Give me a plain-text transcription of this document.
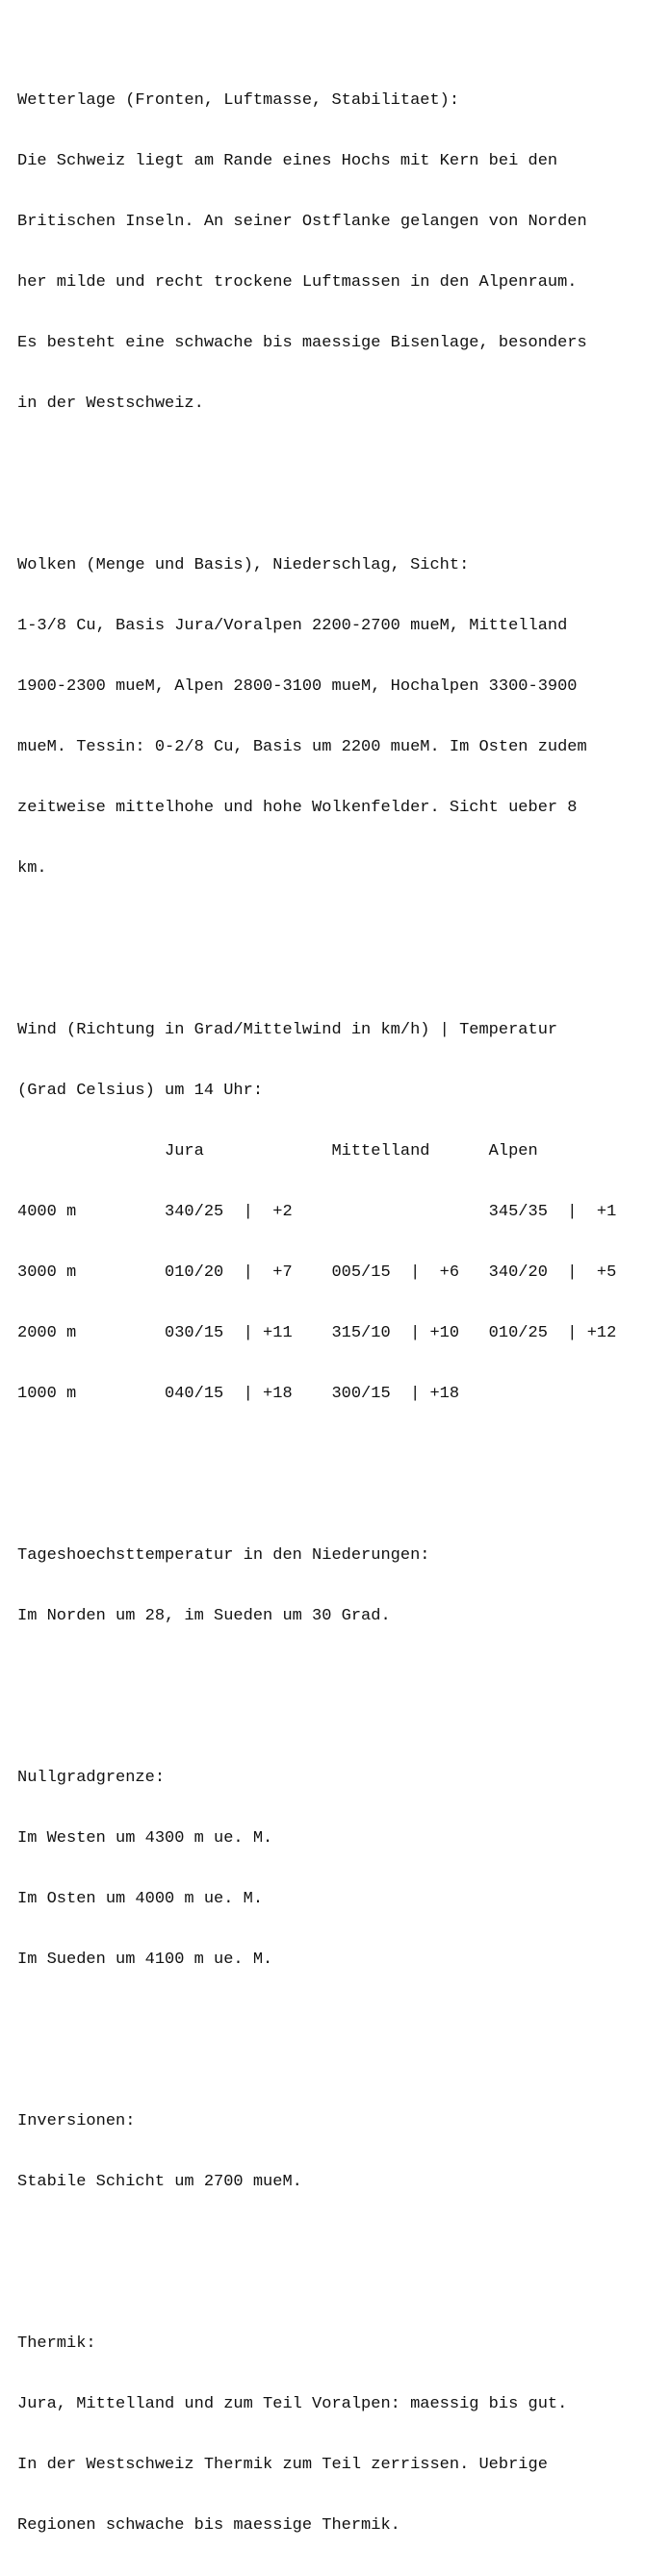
Wetterlage (Fronten, Luftmasse, Stabilitaet):

Die Schweiz liegt am Rande eines Hochs mit Kern bei den

Britischen Inseln. An seiner Ostflanke gelangen von Norden

her milde und recht trockene Luftmassen in den Alpenraum.

Es besteht eine schwache bis maessige Bisenlage, besonders

in der Westschweiz.

Wolken (Menge und Basis), Niederschlag, Sicht:

1-3/8 Cu, Basis Jura/Voralpen 2200-2700 mueM, Mittelland

1900-2300 mueM, Alpen 2800-3100 mueM, Hochalpen 3300-3900

mueM. Tessin: 0-2/8 Cu, Basis um 2200 mueM. Im Osten zudem

zeitweise mittelhohe und hohe Wolkenfelder. Sicht ueber 8

km.

Wind (Richtung in Grad/Mittelwind in km/h) | Temperatur

(Grad Celsius) um 14 Uhr:

Jura             Mittelland      Alpen

4000 m         340/25  |  +2                    345/35  |  +1

3000 m         010/20  |  +7    005/15  |  +6   340/20  |  +5

2000 m         030/15  | +11    315/10  | +10   010/25  | +12

1000 m         040/15  | +18    300/15  | +18

Tageshoechsttemperatur in den Niederungen:

Im Norden um 28, im Sueden um 30 Grad.

Nullgradgrenze:

Im Westen um 4300 m ue. M.

Im Osten um 4000 m ue. M.

Im Sueden um 4100 m ue. M.

Inversionen:

Stabile Schicht um 2700 mueM.

Thermik:

Jura, Mittelland und zum Teil Voralpen: maessig bis gut.

In der Westschweiz Thermik zum Teil zerrissen. Uebrige

Regionen schwache bis maessige Thermik.
